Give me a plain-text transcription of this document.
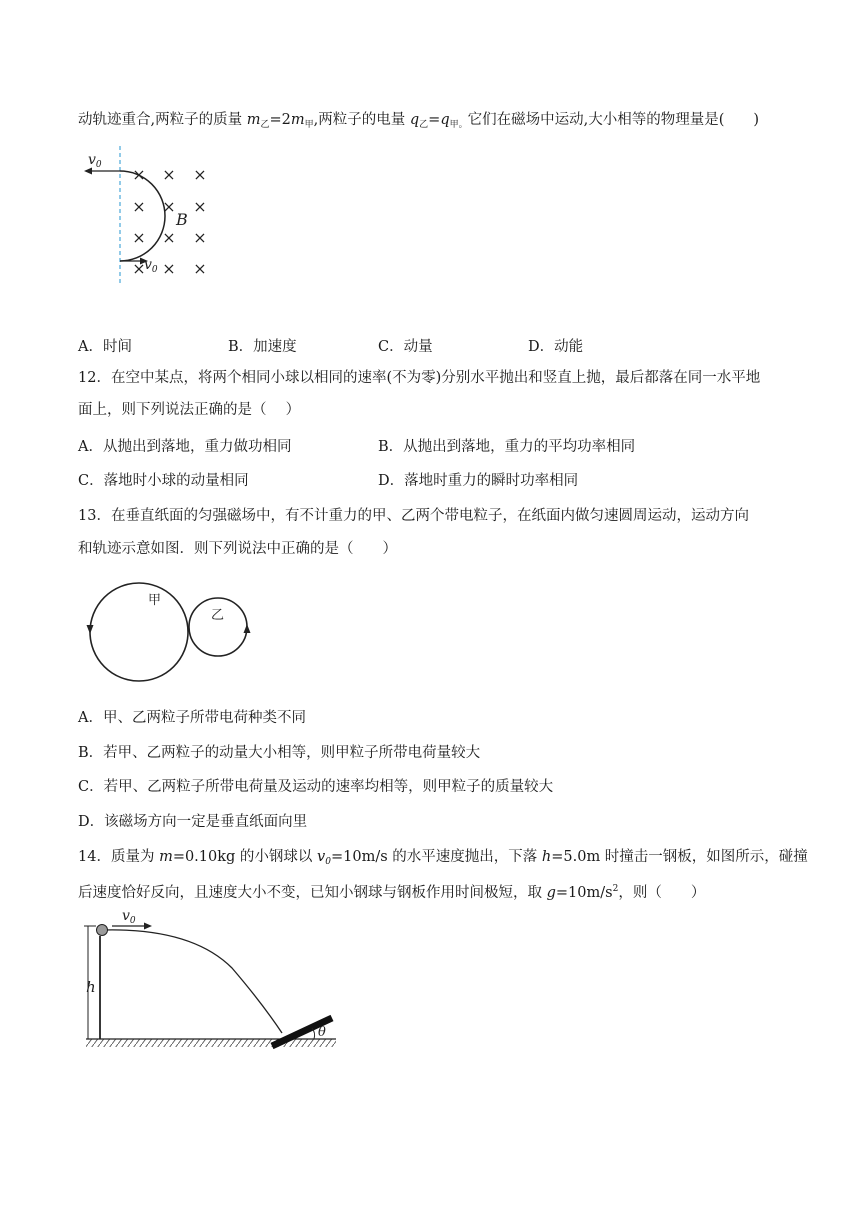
动轨迹重合,两粒子的质量 $m_乙=2m_甲$,两粒子的电量 $q_乙=q_{甲。}$它们在磁场中运动,大小相等的物理量是(　　)
$v_0$
$v_0$
B
× × ×
× × ×
× × ×
× × ×
A．时间	B．加速度	C．动量	D．动能
12．在空中某点，将两个相同小球以相同的速率(不为零)分别水平抛出和竖直上抛，最后都落在同一水平地
面上，则下列说法正确的是（　 ）
A．从抛出到落地，重力做功相同	B．从抛出到落地，重力的平均功率相同
C．落地时小球的动量相同	D．落地时重力的瞬时功率相同
13．在垂直纸面的匀强磁场中，有不计重力的甲、乙两个带电粒子，在纸面内做匀速圆周运动，运动方向
和轨迹示意如图．则下列说法中正确的是（　　）
甲
乙
A．甲、乙两粒子所带电荷种类不同
B．若甲、乙两粒子的动量大小相等，则甲粒子所带电荷量较大
C．若甲、乙两粒子所带电荷量及运动的速率均相等，则甲粒子的质量较大
D．该磁场方向一定是垂直纸面向里
14．质量为 m=0.10kg 的小钢球以 $v_0=10m/s$ 的水平速度抛出，下落 h=5.0m 时撞击一钢板，如图所示，碰撞
后速度恰好反向，且速度大小不变，已知小钢球与钢板作用时间极短，取 $g=10m/s^2$，则（　　）
h
$v_0$
θ
